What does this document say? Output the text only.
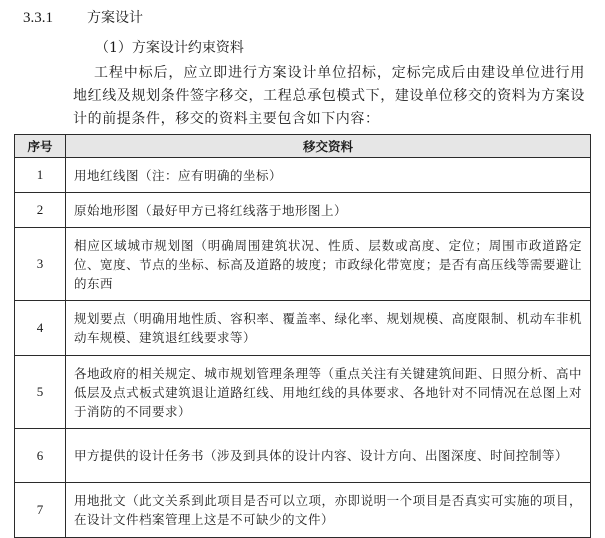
3.3.1 方案设计
（1）方案设计约束资料

工程中标后，应立即进行方案设计单位招标，定标完成后由建设单位进行用地红线及规划条件签字移交，工程总承包模式下，建设单位移交的资料为方案设计的前提条件，移交的资料主要包含如下内容：

序号	移交资料
1	用地红线图（注：应有明确的坐标）
2	原始地形图（最好甲方已将红线落于地形图上）
3	相应区域城市规划图（明确周围建筑状况、性质、层数或高度、定位；周围市政道路定位、宽度、节点的坐标、标高及道路的坡度；市政绿化带宽度；是否有高压线等需要避让的东西
4	规划要点（明确用地性质、容积率、覆盖率、绿化率、规划规模、高度限制、机动车非机动车规模、建筑退红线要求等）
5	各地政府的相关规定、城市规划管理条理等（重点关注有关键建筑间距、日照分析、高中低层及点式板式建筑退让道路红线、用地红线的具体要求、各地针对不同情况在总图上对于消防的不同要求）
6	甲方提供的设计任务书（涉及到具体的设计内容、设计方向、出图深度、时间控制等）
7	用地批文（此文关系到此项目是否可以立项，亦即说明一个项目是否真实可实施的项目，在设计文件档案管理上这是不可缺少的文件）
